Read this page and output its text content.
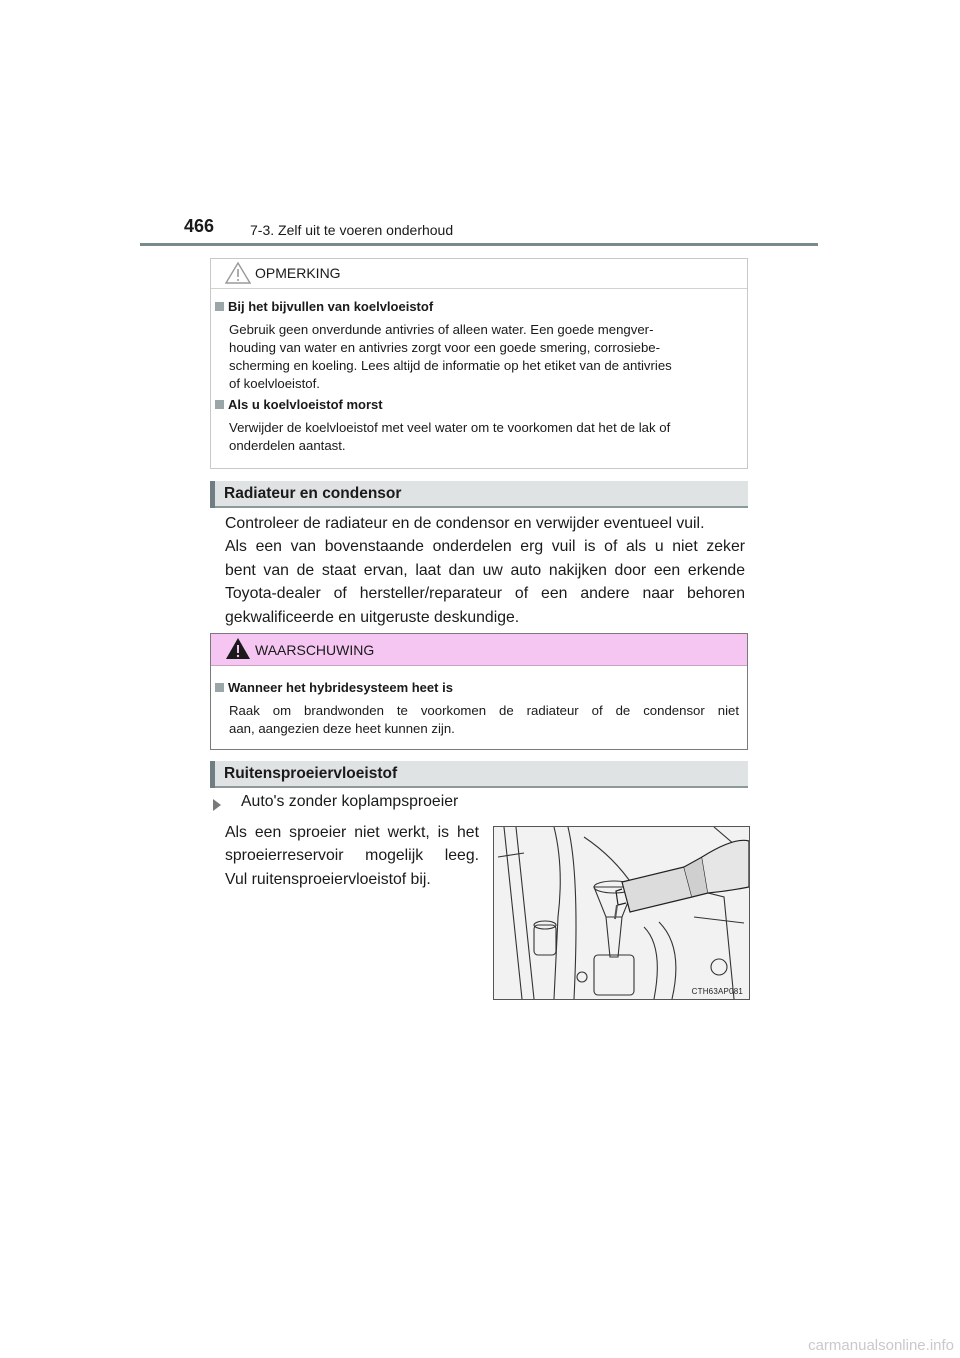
466	7-3. Zelf uit te voeren onderhoud
OPMERKING
Bij het bijvullen van koelvloeistof
Gebruik geen onverdunde antivries of alleen water. Een goede mengver-
houding van water en antivries zorgt voor een goede smering, corrosiebe-
scherming en koeling. Lees altijd de informatie op het etiket van de antivries
of koelvloeistof.
Als u koelvloeistof morst
Verwijder de koelvloeistof met veel water om te voorkomen dat het de lak of
onderdelen aantast.
Radiateur en condensor
Controleer de radiateur en de condensor en verwijder eventueel vuil.
Als een van bovenstaande onderdelen erg vuil is of als u niet zeker
bent van de staat ervan, laat dan uw auto nakijken door een erkende
Toyota-dealer of hersteller/reparateur of een andere naar behoren
gekwalificeerde en uitgeruste deskundige.
WAARSCHUWING
Wanneer het hybridesysteem heet is
Raak om brandwonden te voorkomen de radiateur of de condensor niet
aan, aangezien deze heet kunnen zijn.
Ruitensproeiervloeistof
Auto's zonder koplampsproeier
Als een sproeier niet werkt, is het
sproeierreservoir mogelijk leeg.
Vul ruitensproeiervloeistof bij.
CTH63AP081
carmanualsonline.info
